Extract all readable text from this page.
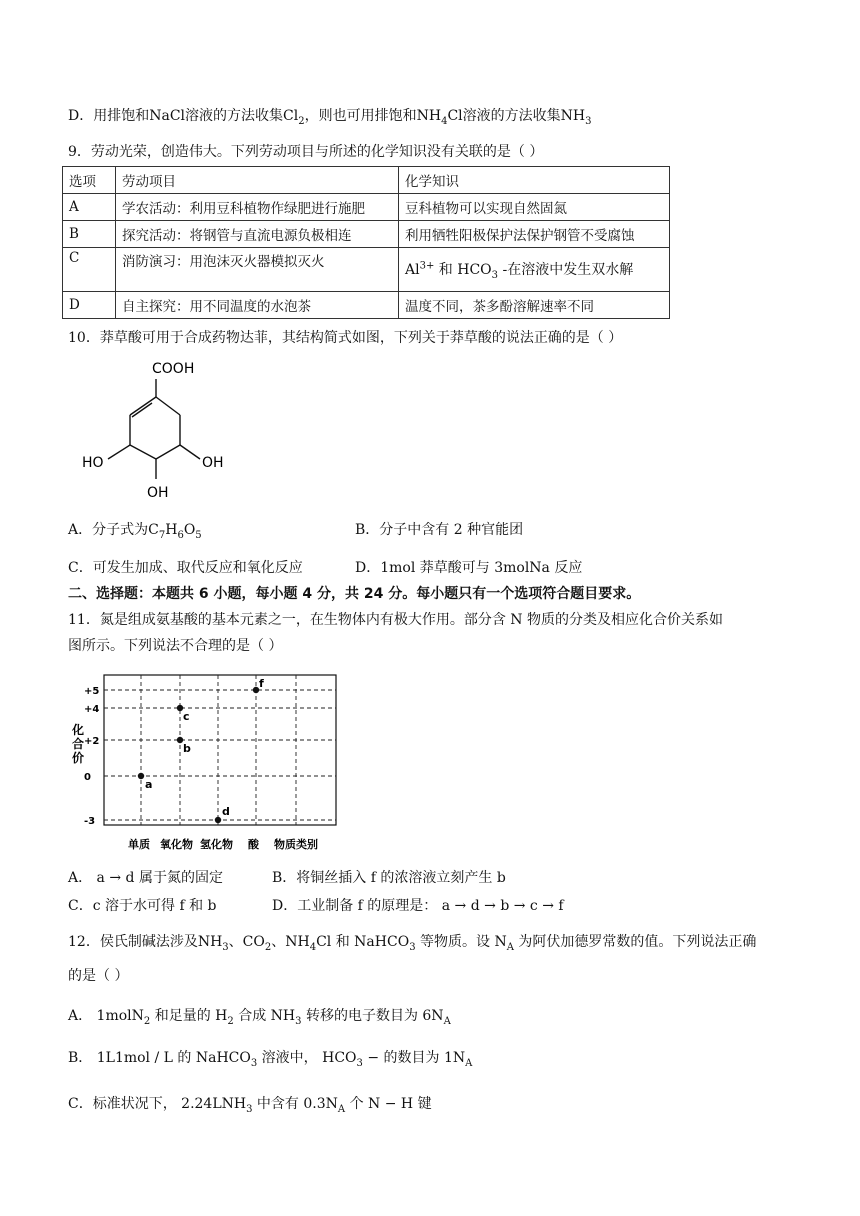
D．用排饱和NaCl溶液的方法收集$Cl_2$，则也可用排饱和$NH_4Cl$溶液的方法收集$NH_3$
9．劳动光荣，创造伟大。下列劳动项目与所述的化学知识没有关联的是（ ）
选项	劳动项目	化学知识
A	学农活动：利用豆科植物作绿肥进行施肥	豆科植物可以实现自然固氮
B	探究活动：将钢管与直流电源负极相连	利用牺牲阳极保护法保护钢管不受腐蚀
C	消防演习：用泡沫灭火器模拟灭火	$Al^{3+}$ 和 $HCO_3$ -在溶液中发生双水解
D	自主探究：用不同温度的水泡茶	温度不同，茶多酚溶解速率不同
10．莽草酸可用于合成药物达菲，其结构简式如图，下列关于莽草酸的说法正确的是（ ）
COOH
HO	OH
OH
A．分子式为$C_7H_6O_5$	B．分子中含有 2 种官能团
C．可发生加成、取代反应和氧化反应	D．1mol 莽草酸可与 3molNa 反应
二、选择题：本题共 6 小题，每小题 4 分，共 24 分。每小题只有一个选项符合题目要求。
11．氮是组成氨基酸的基本元素之一，在生物体内有极大作用。部分含 N 物质的分类及相应化合价关系如
图所示。下列说法不合理的是（ ）
+5
+4
+2
0
-3
单质 氧化物 氢化物 酸 物质类别
化
合
价
a
b
c
d
f
A． a → d 属于氮的固定	B．将铜丝插入 f 的浓溶液立刻产生 b
C．c 溶于水可得 f 和 b	D．工业制备 f 的原理是： a → d → b → c → f
12．侯氏制碱法涉及$NH_3$、$CO_2$、$NH_4Cl$ 和 NaHCO$_3$ 等物质。设 $N_A$ 为阿伏加德罗常数的值。下列说法正确
的是（ ）
A． 1molN$_2$ 和足量的 $H_2$ 合成 $NH_3$ 转移的电子数目为 $6N_A$
B． 1L1mol / L 的 NaHCO$_3$ 溶液中， $HCO_3$ − 的数目为 $1N_A$
C．标准状况下， $2.24LNH_3$ 中含有 $0.3N_A$ 个 N − H 键
